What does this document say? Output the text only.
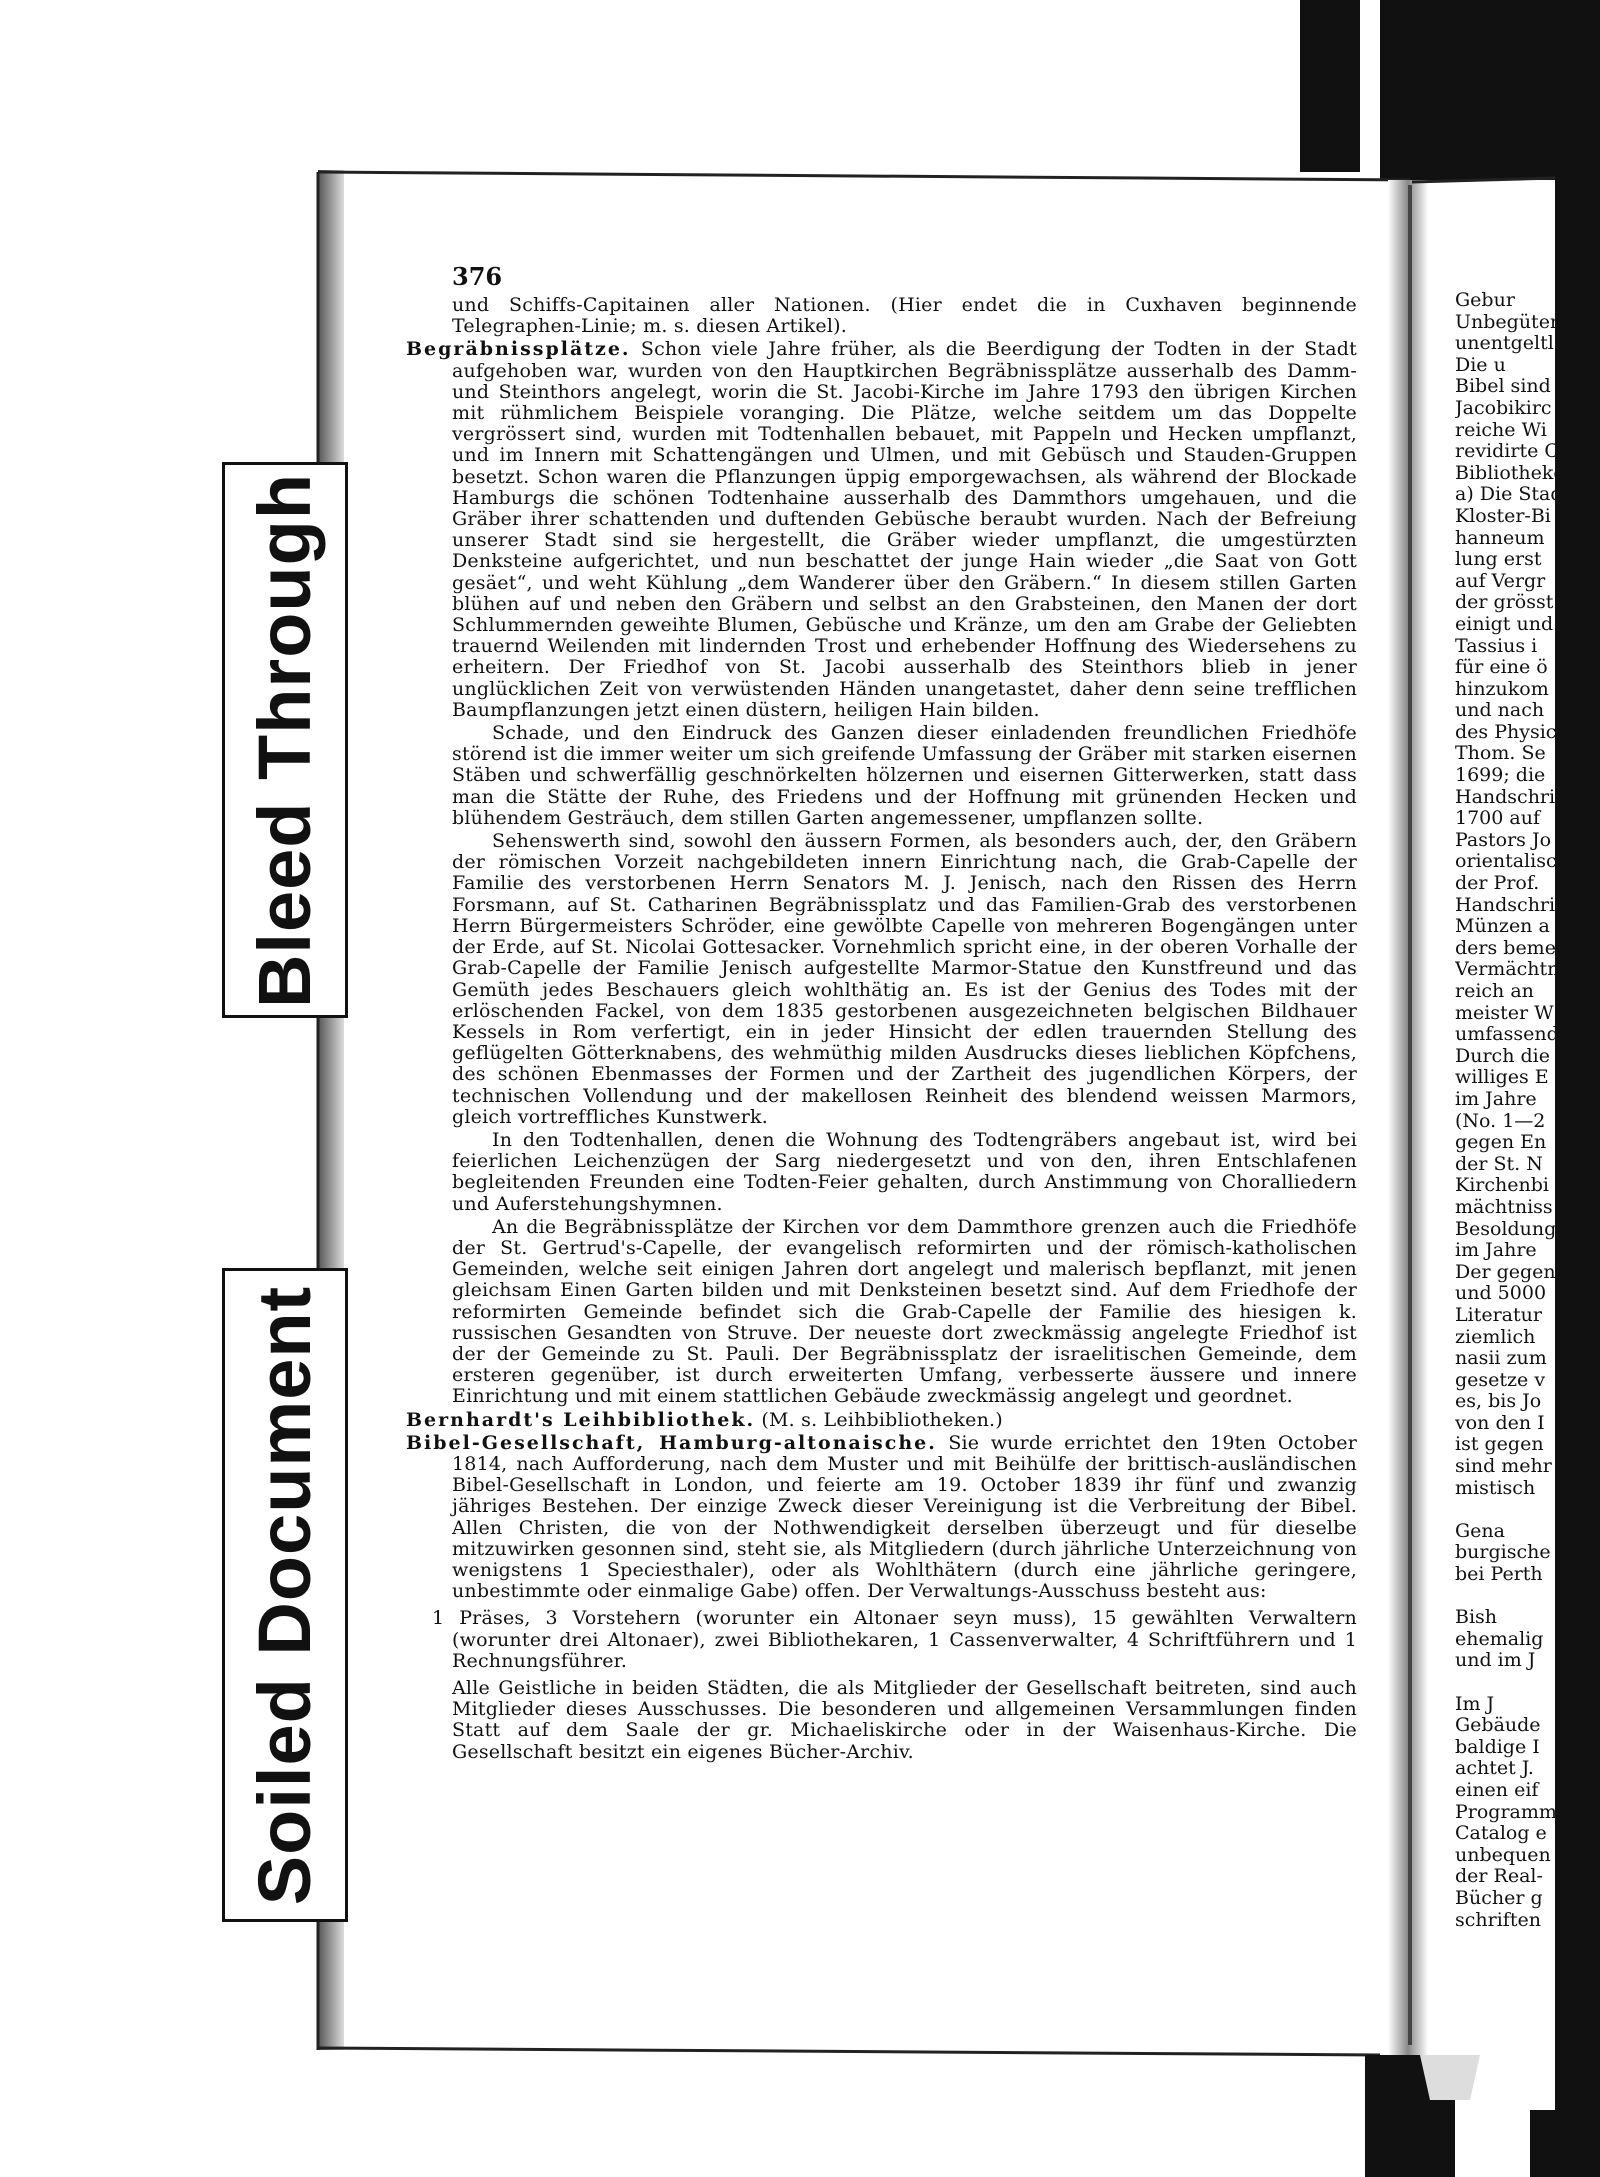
Bleed Through
Soiled Document
376

und Schiffs-Capitainen aller Nationen. (Hier endet die in Cuxhaven beginnende Telegraphen-Linie; m. s. diesen Artikel).

Begräbnissplätze. Schon viele Jahre früher, als die Beerdigung der Todten in der Stadt aufgehoben war, wurden von den Hauptkirchen Begräbnissplätze ausserhalb des Damm- und Steinthors angelegt, worin die St. Jacobi-Kirche im Jahre 1793 den übrigen Kirchen mit rühmlichem Beispiele voranging. Die Plätze, welche seitdem um das Doppelte vergrössert sind, wurden mit Todtenhallen bebauet, mit Pappeln und Hecken umpflanzt, und im Innern mit Schattengängen und Ulmen, und mit Gebüsch und Stauden-Gruppen besetzt. Schon waren die Pflanzungen üppig emporgewachsen, als während der Blockade Hamburgs die schönen Todtenhaine ausserhalb des Dammthors umgehauen, und die Gräber ihrer schattenden und duftenden Gebüsche beraubt wurden. Nach der Befreiung unserer Stadt sind sie hergestellt, die Gräber wieder umpflanzt, die umgestürzten Denksteine aufgerichtet, und nun beschattet der junge Hain wieder „die Saat von Gott gesäet“, und weht Kühlung „dem Wanderer über den Gräbern.“ In diesem stillen Garten blühen auf und neben den Gräbern und selbst an den Grabsteinen, den Manen der dort Schlummernden geweihte Blumen, Gebüsche und Kränze, um den am Grabe der Geliebten trauernd Weilenden mit lindernden Trost und erhebender Hoffnung des Wiedersehens zu erheitern. Der Friedhof von St. Jacobi ausserhalb des Steinthors blieb in jener unglücklichen Zeit von verwüstenden Händen unangetastet, daher denn seine trefflichen Baumpflanzungen jetzt einen düstern, heiligen Hain bilden.

Schade, und den Eindruck des Ganzen dieser einladenden freundlichen Friedhöfe störend ist die immer weiter um sich greifende Umfassung der Gräber mit starken eisernen Stäben und schwerfällig geschnörkelten hölzernen und eisernen Gitterwerken, statt dass man die Stätte der Ruhe, des Friedens und der Hoffnung mit grünenden Hecken und blühendem Gesträuch, dem stillen Garten angemessener, umpflanzen sollte.

Sehenswerth sind, sowohl den äussern Formen, als besonders auch, der, den Gräbern der römischen Vorzeit nachgebildeten innern Einrichtung nach, die Grab-Capelle der Familie des verstorbenen Herrn Senators M. J. Jenisch, nach den Rissen des Herrn Forsmann, auf St. Catharinen Begräbnissplatz und das Familien-Grab des verstorbenen Herrn Bürgermeisters Schröder, eine gewölbte Capelle von mehreren Bogengängen unter der Erde, auf St. Nicolai Gottesacker. Vornehmlich spricht eine, in der oberen Vorhalle der Grab-Capelle der Familie Jenisch aufgestellte Marmor-Statue den Kunstfreund und das Gemüth jedes Beschauers gleich wohlthätig an. Es ist der Genius des Todes mit der erlöschenden Fackel, von dem 1835 gestorbenen ausgezeichneten belgischen Bildhauer Kessels in Rom verfertigt, ein in jeder Hinsicht der edlen trauernden Stellung des geflügelten Götterknabens, des wehmüthig milden Ausdrucks dieses lieblichen Köpfchens, des schönen Ebenmasses der Formen und der Zartheit des jugendlichen Körpers, der technischen Vollendung und der makellosen Reinheit des blendend weissen Marmors, gleich vortreffliches Kunstwerk.

In den Todtenhallen, denen die Wohnung des Todtengräbers angebaut ist, wird bei feierlichen Leichenzügen der Sarg niedergesetzt und von den, ihren Entschlafenen begleitenden Freunden eine Todten-Feier gehalten, durch Anstimmung von Choralliedern und Auferstehungshymnen.

An die Begräbnissplätze der Kirchen vor dem Dammthore grenzen auch die Friedhöfe der St. Gertrud's-Capelle, der evangelisch reformirten und der römisch-katholischen Gemeinden, welche seit einigen Jahren dort angelegt und malerisch bepflanzt, mit jenen gleichsam Einen Garten bilden und mit Denksteinen besetzt sind. Auf dem Friedhofe der reformirten Gemeinde befindet sich die Grab-Capelle der Familie des hiesigen k. russischen Gesandten von Struve. Der neueste dort zweckmässig angelegte Friedhof ist der der Gemeinde zu St. Pauli. Der Begräbnissplatz der israelitischen Gemeinde, dem ersteren gegenüber, ist durch erweiterten Umfang, verbesserte äussere und innere Einrichtung und mit einem stattlichen Gebäude zweckmässig angelegt und geordnet.

Bernhardt's Leihbibliothek. (M. s. Leihbibliotheken.)

Bibel-Gesellschaft, Hamburg-altonaische. Sie wurde errichtet den 19ten October 1814, nach Aufforderung, nach dem Muster und mit Beihülfe der brittisch-ausländischen Bibel-Gesellschaft in London, und feierte am 19. October 1839 ihr fünf und zwanzig jähriges Bestehen. Der einzige Zweck dieser Vereinigung ist die Verbreitung der Bibel. Allen Christen, die von der Nothwendigkeit derselben überzeugt und für dieselbe mitzuwirken gesonnen sind, steht sie, als Mitgliedern (durch jährliche Unterzeichnung von wenigstens 1 Speciesthaler), oder als Wohlthätern (durch eine jährliche geringere, unbestimmte oder einmalige Gabe) offen. Der Verwaltungs-Ausschuss besteht aus:

1 Präses, 3 Vorstehern (worunter ein Altonaer seyn muss), 15 gewählten Verwaltern (worunter drei Altonaer), zwei Bibliothekaren, 1 Cassenverwalter, 4 Schriftführern und 1 Rechnungsführer.

Alle Geistliche in beiden Städten, die als Mitglieder der Gesellschaft beitreten, sind auch Mitglieder dieses Ausschusses. Die besonderen und allgemeinen Versammlungen finden Statt auf dem Saale der gr. Michaeliskirche oder in der Waisenhaus-Kirche. Die Gesellschaft besitzt ein eigenes Bücher-Archiv.

Gebur
Unbegüter
unentgeltl
Die u
Bibel sind
Jacobikirc
reiche Wi
revidirte C
Bibliotheke
a) Die Stad
Kloster-Bi
hanneum
lung erst
auf Vergr
der grösst
einigt und
Tassius i
für eine ö
hinzukom
und nach
des Physic
Thom. Se
1699; die
Handschri
1700 auf
Pastors Jo
orientalisc
der Prof.
Handschri
Münzen a
ders beme
Vermächtn
reich an
meister W
umfassend
Durch die
williges E
im Jahre
(No. 1—2
gegen En
der St. N
Kirchenbi
mächtniss
Besoldung
im Jahre
Der gegen
und 5000
Literatur
ziemlich
nasii zum
gesetze v
es, bis Jo
von den I
ist gegen
sind mehr
mistisch
Gena
burgische
bei Perth
Bish
ehemalig
und im J
Im J
Gebäude
baldige I
achtet J.
einen eif
Programm
Catalog e
unbequen
der Real-
Bücher g
schriften
